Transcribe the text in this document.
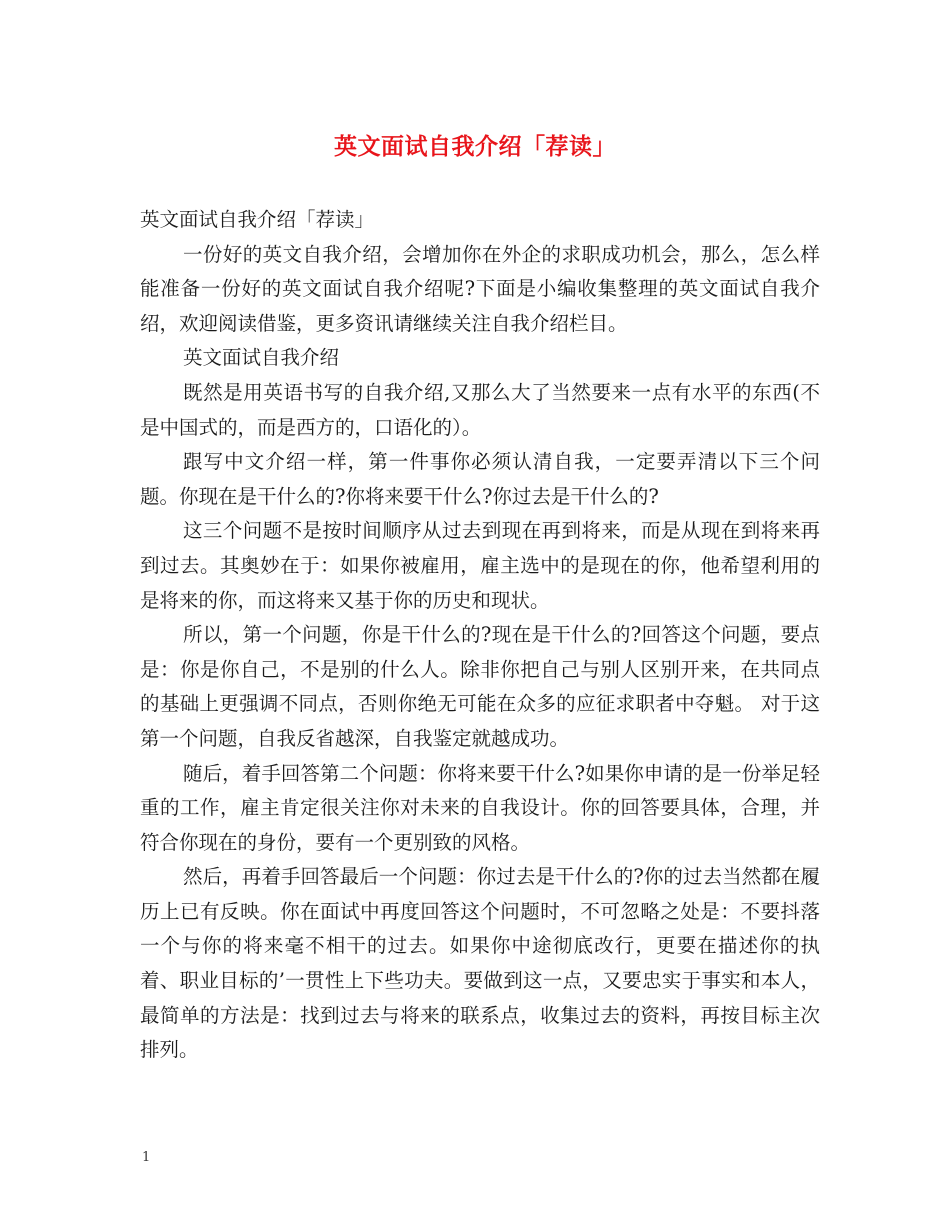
英文面试自我介绍「荐读」

英文面试自我介绍「荐读」

一份好的英文自我介绍，会增加你在外企的求职成功机会，那么，怎么样能准备一份好的英文面试自我介绍呢?下面是小编收集整理的英文面试自我介绍，欢迎阅读借鉴，更多资讯请继续关注自我介绍栏目。

英文面试自我介绍

既然是用英语书写的自我介绍,又那么大了当然要来一点有水平的东西(不是中国式的，而是西方的，口语化的）。

跟写中文介绍一样，第一件事你必须认清自我，一定要弄清以下三个问题。你现在是干什么的?你将来要干什么?你过去是干什么的?

这三个问题不是按时间顺序从过去到现在再到将来，而是从现在到将来再到过去。其奥妙在于：如果你被雇用，雇主选中的是现在的你，他希望利用的是将来的你，而这将来又基于你的历史和现状。

所以，第一个问题，你是干什么的?现在是干什么的?回答这个问题，要点是：你是你自己，不是别的什么人。除非你把自己与别人区别开来，在共同点的基础上更强调不同点，否则你绝无可能在众多的应征求职者中夺魁。 对于这第一个问题，自我反省越深，自我鉴定就越成功。

随后，着手回答第二个问题：你将来要干什么?如果你申请的是一份举足轻重的工作，雇主肯定很关注你对未来的自我设计。你的回答要具体，合理，并符合你现在的身份，要有一个更别致的风格。

然后，再着手回答最后一个问题：你过去是干什么的?你的过去当然都在履历上已有反映。你在面试中再度回答这个问题时，不可忽略之处是：不要抖落一个与你的将来毫不相干的过去。如果你中途彻底改行，更要在描述你的执着、职业目标的’一贯性上下些功夫。要做到这一点，又要忠实于事实和本人，最简单的方法是：找到过去与将来的联系点，收集过去的资料，再按目标主次排列。

1
